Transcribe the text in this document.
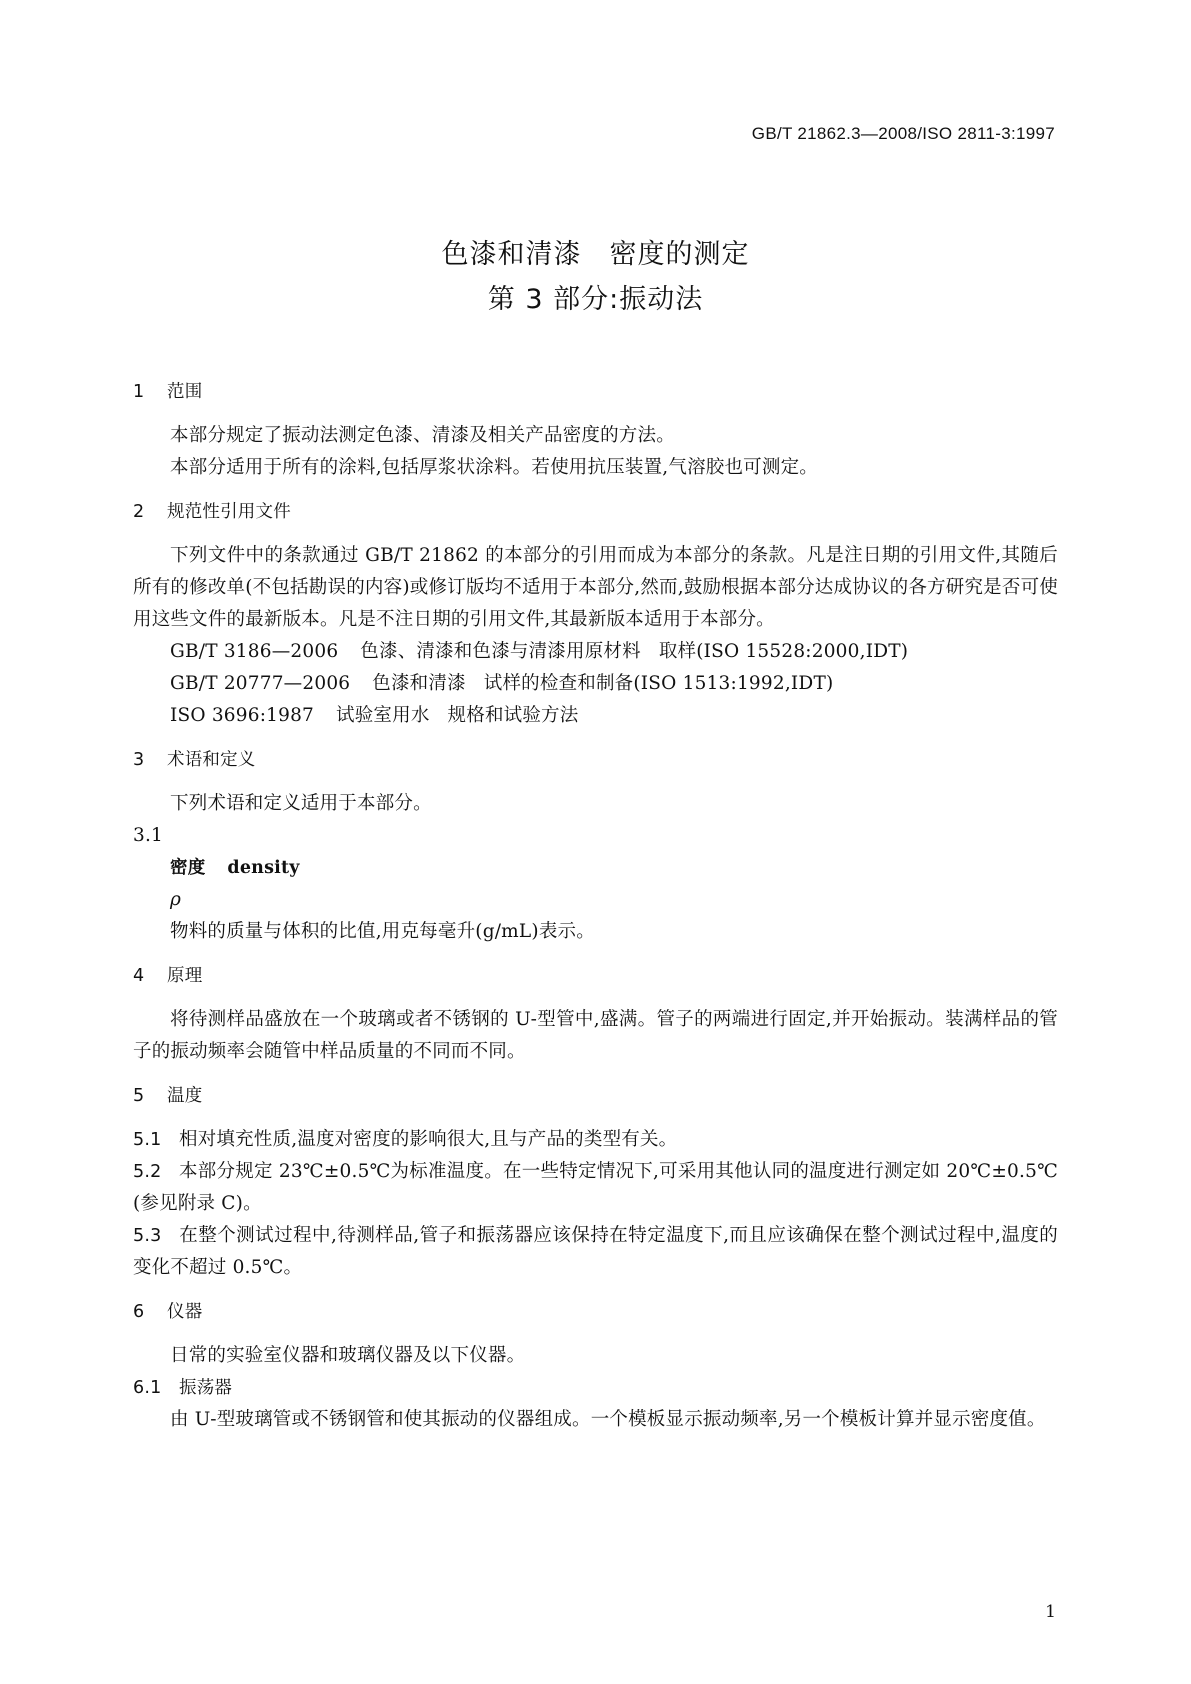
GB/T 21862.3—2008/ISO 2811-3:1997
色漆和清漆 密度的测定
第 3 部分:振动法
1 范围

本部分规定了振动法测定色漆、清漆及相关产品密度的方法。

本部分适用于所有的涂料,包括厚浆状涂料。若使用抗压装置,气溶胶也可测定。

2 规范性引用文件

下列文件中的条款通过 GB/T 21862 的本部分的引用而成为本部分的条款。凡是注日期的引用文件,其随后所有的修改单(不包括勘误的内容)或修订版均不适用于本部分,然而,鼓励根据本部分达成协议的各方研究是否可使用这些文件的最新版本。凡是不注日期的引用文件,其最新版本适用于本部分。

GB/T 3186—2006 色漆、清漆和色漆与清漆用原材料 取样(ISO 15528:2000,IDT)

GB/T 20777—2006 色漆和清漆 试样的检查和制备(ISO 1513:1992,IDT)

ISO 3696:1987 试验室用水 规格和试验方法

3 术语和定义

下列术语和定义适用于本部分。

3.1

密度 density

ρ

物料的质量与体积的比值,用克每毫升(g/mL)表示。

4 原理

将待测样品盛放在一个玻璃或者不锈钢的 U-型管中,盛满。管子的两端进行固定,并开始振动。装满样品的管子的振动频率会随管中样品质量的不同而不同。

5 温度

5.1 相对填充性质,温度对密度的影响很大,且与产品的类型有关。

5.2 本部分规定 23℃±0.5℃为标准温度。在一些特定情况下,可采用其他认同的温度进行测定如 20℃±0.5℃(参见附录 C)。

5.3 在整个测试过程中,待测样品,管子和振荡器应该保持在特定温度下,而且应该确保在整个测试过程中,温度的变化不超过 0.5℃。

6 仪器

日常的实验室仪器和玻璃仪器及以下仪器。

6.1 振荡器

由 U-型玻璃管或不锈钢管和使其振动的仪器组成。一个模板显示振动频率,另一个模板计算并显示密度值。

1
